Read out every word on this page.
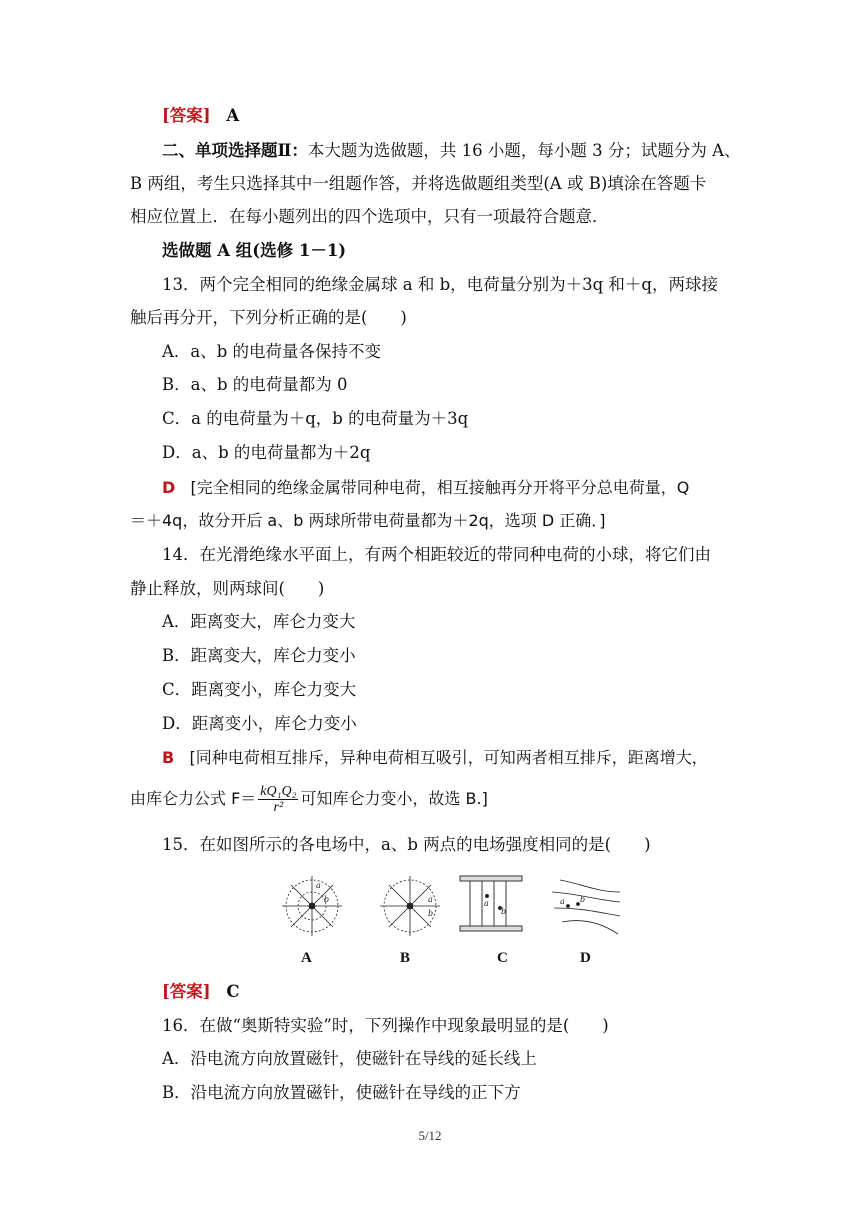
[答案] A
二、单项选择题Ⅱ：本大题为选做题，共 16 小题，每小题 3 分；试题分为 A、
B 两组，考生只选择其中一组题作答，并将选做题组类型(A 或 B)填涂在答题卡
相应位置上．在每小题列出的四个选项中，只有一项最符合题意．
选做题 A 组(选修 1－1)
13．两个完全相同的绝缘金属球 a 和 b，电荷量分别为＋3q 和＋q，两球接
触后再分开，下列分析正确的是(　　)
A．a、b 的电荷量各保持不变
B．a、b 的电荷量都为 0
C．a 的电荷量为＋q，b 的电荷量为＋3q
D．a、b 的电荷量都为＋2q
D [完全相同的绝缘金属带同种电荷，相互接触再分开将平分总电荷量，Q
＝＋4q，故分开后 a、b 两球所带电荷量都为＋2q，选项 D 正确．]
14．在光滑绝缘水平面上，有两个相距较近的带同种电荷的小球，将它们由
静止释放，则两球间(　　)
A．距离变大，库仑力变大
B．距离变大，库仑力变小
C．距离变小，库仑力变大
D．距离变小，库仑力变小
B [同种电荷相互排斥，异种电荷相互吸引，可知两者相互排斥，距离增大，
由库仑力公式 $F= \frac{\text{kQ₁Q₂}}{\text{r²}}$ 可知库仑力变小，故选 B.]
15．在如图所示的各电场中，a、b 两点的电场强度相同的是(　　)
a
b	a
b
a
b
a b
A	B	C	D
[答案] C
16．在做“奥斯特实验”时，下列操作中现象最明显的是(　　)
A．沿电流方向放置磁针，使磁针在导线的延长线上
B．沿电流方向放置磁针，使磁针在导线的正下方
5/12
